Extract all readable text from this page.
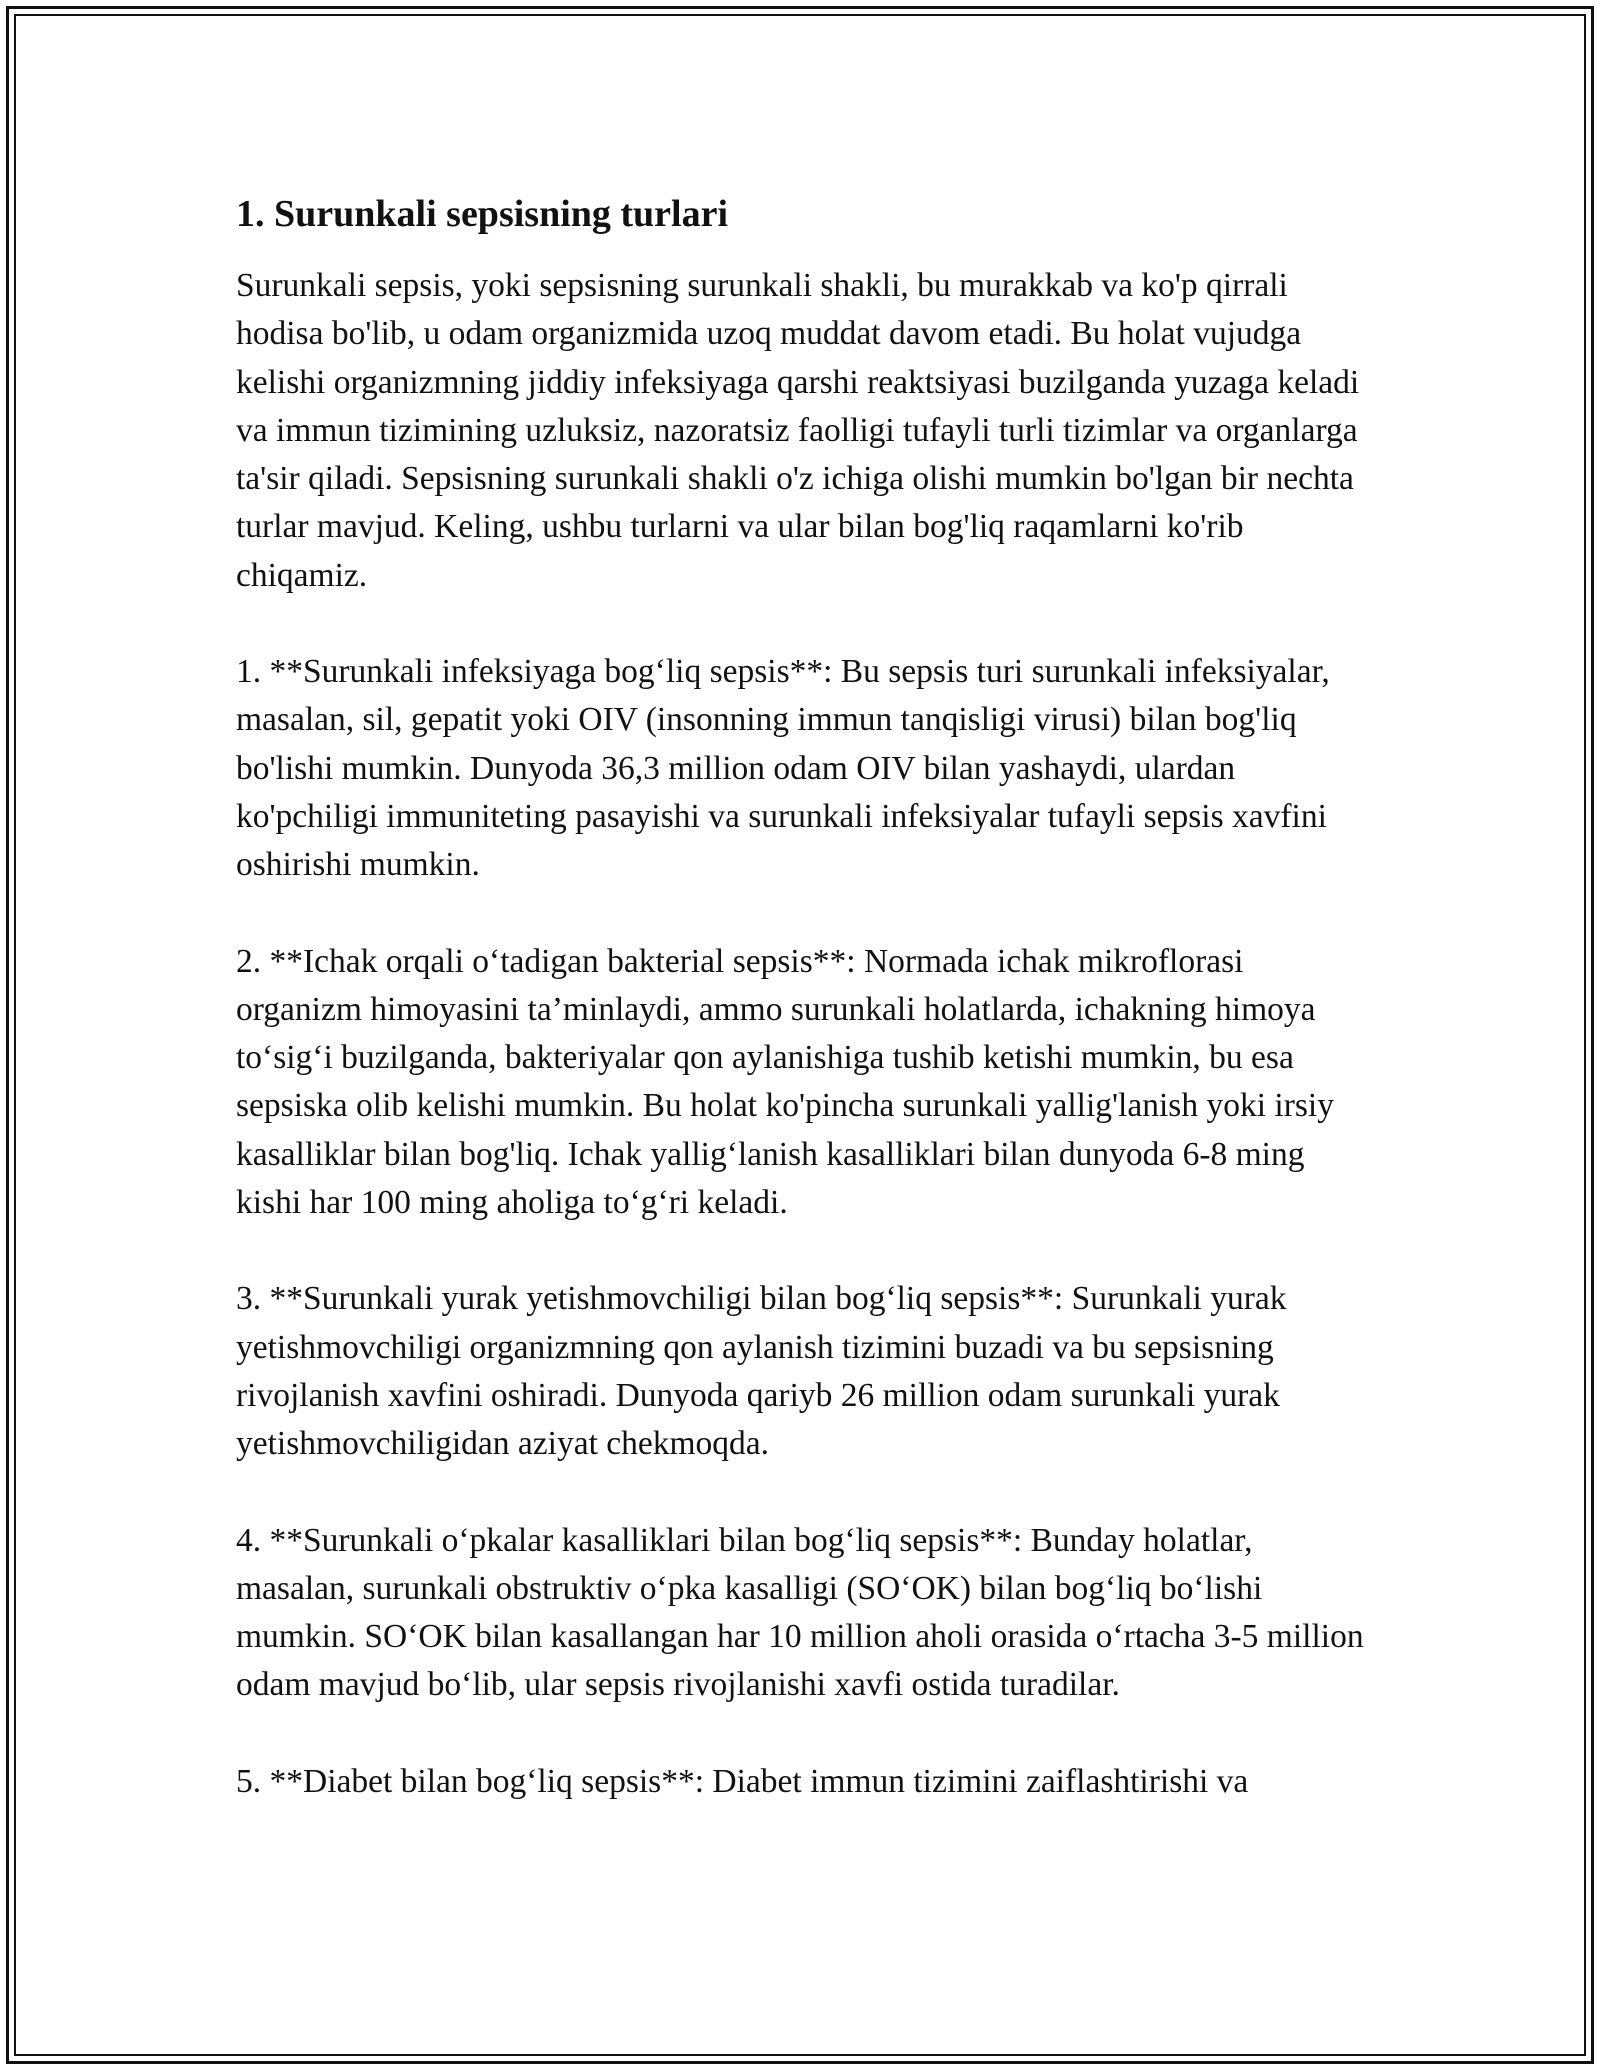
1. Surunkali sepsisning turlari

Surunkali sepsis, yoki sepsisning surunkali shakli, bu murakkab va ko'p qirrali hodisa bo'lib, u odam organizmida uzoq muddat davom etadi. Bu holat vujudga kelishi organizmning jiddiy infeksiyaga qarshi reaktsiyasi buzilganda yuzaga keladi va immun tizimining uzluksiz, nazoratsiz faolligi tufayli turli tizimlar va organlarga ta'sir qiladi. Sepsisning surunkali shakli o'z ichiga olishi mumkin bo'lgan bir nechta turlar mavjud. Keling, ushbu turlarni va ular bilan bog'liq raqamlarni ko'rib chiqamiz.

1. **Surunkali infeksiyaga bog‘liq sepsis**: Bu sepsis turi surunkali infeksiyalar, masalan, sil, gepatit yoki OIV (insonning immun tanqisligi virusi) bilan bog'liq bo'lishi mumkin. Dunyoda 36,3 million odam OIV bilan yashaydi, ulardan ko'pchiligi immuniteting pasayishi va surunkali infeksiyalar tufayli sepsis xavfini oshirishi mumkin.

2. **Ichak orqali o‘tadigan bakterial sepsis**: Normada ichak mikroflorasi organizm himoyasini ta’minlaydi, ammo surunkali holatlarda, ichakning himoya to‘sig‘i buzilganda, bakteriyalar qon aylanishiga tushib ketishi mumkin, bu esa sepsiska olib kelishi mumkin. Bu holat ko'pincha surunkali yallig'lanish yoki irsiy kasalliklar bilan bog'liq. Ichak yallig‘lanish kasalliklari bilan dunyoda 6-8 ming kishi har 100 ming aholiga to‘g‘ri keladi.

3. **Surunkali yurak yetishmovchiligi bilan bog‘liq sepsis**: Surunkali yurak yetishmovchiligi organizmning qon aylanish tizimini buzadi va bu sepsisning rivojlanish xavfini oshiradi. Dunyoda qariyb 26 million odam surunkali yurak yetishmovchiligidan aziyat chekmoqda.

4. **Surunkali o‘pkalar kasalliklari bilan bog‘liq sepsis**: Bunday holatlar, masalan, surunkali obstruktiv o‘pka kasalligi (SO‘OK) bilan bog‘liq bo‘lishi mumkin. SO‘OK bilan kasallangan har 10 million aholi orasida o‘rtacha 3-5 million odam mavjud bo‘lib, ular sepsis rivojlanishi xavfi ostida turadilar.

5. **Diabet bilan bog‘liq sepsis**: Diabet immun tizimini zaiflashtirishi va
